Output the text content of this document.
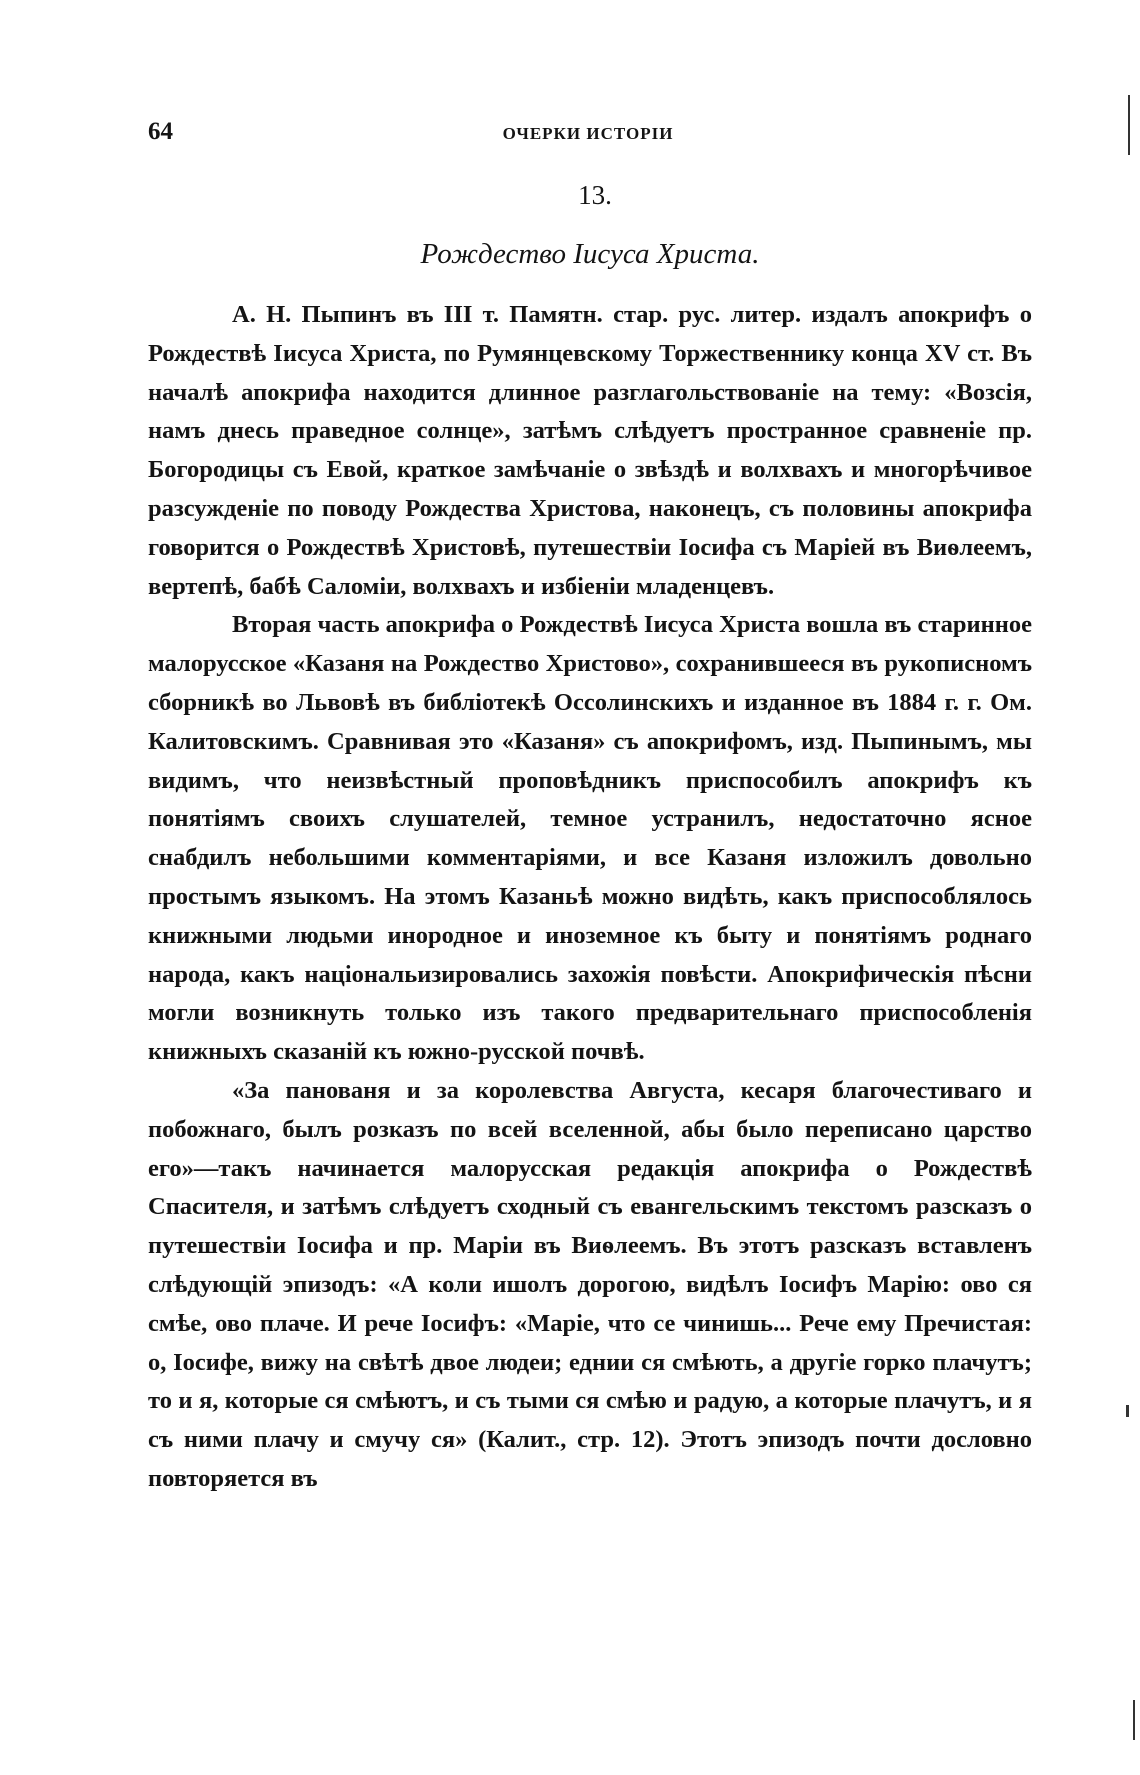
64	ОЧЕРКИ ИСТОРІИ
13.
Рождество Іисуса Христа.

А. Н. Пыпинъ въ III т. Памятн. стар. рус. литер. издалъ апокрифъ о Рождествѣ Іисуса Христа, по Румянцевскому Торжественнику конца XV ст. Въ началѣ апокрифа находится длинное разглагольствованіе на тему: «Возсія, намъ днесь праведное солнце», затѣмъ слѣдуетъ пространное сравненіе пр. Богородицы съ Евой, краткое замѣчаніе о звѣздѣ и волхвахъ и многорѣчивое разсужденіе по поводу Рождества Христова, наконецъ, съ половины апокрифа говорится о Рождествѣ Христовѣ, путешествіи Іосифа съ Маріей въ Виѳлеемъ, вертепѣ, бабѣ Саломіи, волхвахъ и избіеніи младенцевъ.

Вторая часть апокрифа о Рождествѣ Іисуса Христа вошла въ старинное малорусское «Казаня на Рождество Христово», сохранившееся въ рукописномъ сборникѣ во Львовѣ въ библіотекѣ Оссолинскихъ и изданное въ 1884 г. г. Ом. Калитовскимъ. Сравнивая это «Казаня» съ апокрифомъ, изд. Пыпинымъ, мы видимъ, что неизвѣстный проповѣдникъ приспособилъ апокрифъ къ понятіямъ своихъ слушателей, темное устранилъ, недостаточно ясное снабдилъ небольшими комментаріями, и все Казаня изложилъ довольно простымъ языкомъ. На этомъ Казаньѣ можно видѣть, какъ приспособлялось книжными людьми инородное и иноземное къ быту и понятіямъ роднаго народа, какъ національизировались захожія повѣсти. Апокрифическія пѣсни могли возникнуть только изъ такого предварительнаго приспособленія книжныхъ сказаній къ южно-русской почвѣ.

«За панованя и за королевства Августа, кесаря благочестиваго и побожнаго, былъ розказъ по всей вселенной, абы было переписано царство его»—такъ начинается малорусская редакція апокрифа о Рождествѣ Спасителя, и затѣмъ слѣдуетъ сходный съ евангельскимъ текстомъ разсказъ о путешествіи Іосифа и пр. Маріи въ Виѳлеемъ. Въ этотъ разсказъ вставленъ слѣдующій эпизодъ: «А коли ишолъ дорогою, видѣлъ Іосифъ Марію: ово ся смѣе, ово плаче. И рече Іосифъ: «Маріе, что се чинишь... Рече ему Пречистая: о, Іосифе, вижу на свѣтѣ двое людеи; еднии ся смѣють, а другіе горко плачутъ; то и я, которые ся смѣютъ, и съ тыми ся смѣю и радую, а которые плачутъ, и я съ ними плачу и смучу ся» (Калит., стр. 12). Этотъ эпизодъ почти дословно повторяется въ
